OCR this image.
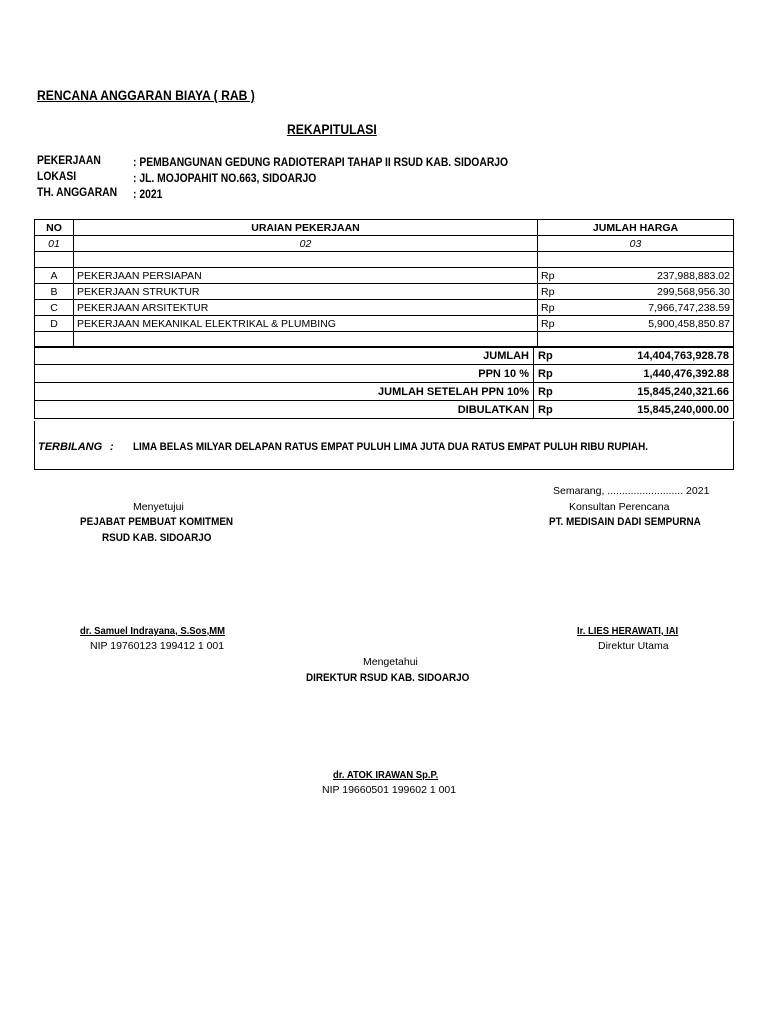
RENCANA ANGGARAN BIAYA ( RAB )
REKAPITULASI
PEKERJAAN	: PEMBANGUNAN GEDUNG RADIOTERAPI TAHAP II RSUD KAB. SIDOARJO
LOKASI	: JL. MOJOPAHIT NO.663, SIDOARJO
TH. ANGGARAN : 2021
NO	URAIAN PEKERJAAN	JUMLAH HARGA	
01	02	03	

A	PEKERJAAN PERSIAPAN	Rp	237,988,883.02
B	PEKERJAAN STRUKTUR	Rp	299,568,956.30
C	PEKERJAAN ARSITEKTUR	Rp	7,966,747,238.59
D	PEKERJAAN MEKANIKAL ELEKTRIKAL & PLUMBING	Rp	5,900,458,850.87

JUMLAH	Rp	14,404,763,928.78
PPN 10 %	Rp	1,440,476,392.88
JUMLAH SETELAH PPN 10%	Rp	15,845,240,321.66
DIBULATKAN	Rp	15,845,240,000.00
TERBILANG : LIMA BELAS MILYAR DELAPAN RATUS EMPAT PULUH LIMA JUTA DUA RATUS EMPAT PULUH RIBU RUPIAH.
Semarang, .......................... 2021
Menyetujui
PEJABAT PEMBUAT KOMITMEN
RSUD KAB. SIDOARJO
Konsultan Perencana
PT. MEDISAIN DADI SEMPURNA
dr. Samuel Indrayana, S.Sos,MM
NIP 19760123 199412 1 001
Ir. LIES HERAWATI, IAI
Direktur Utama
Mengetahui
DIREKTUR RSUD KAB. SIDOARJO
dr. ATOK IRAWAN Sp.P.
NIP 19660501 199602 1 001
